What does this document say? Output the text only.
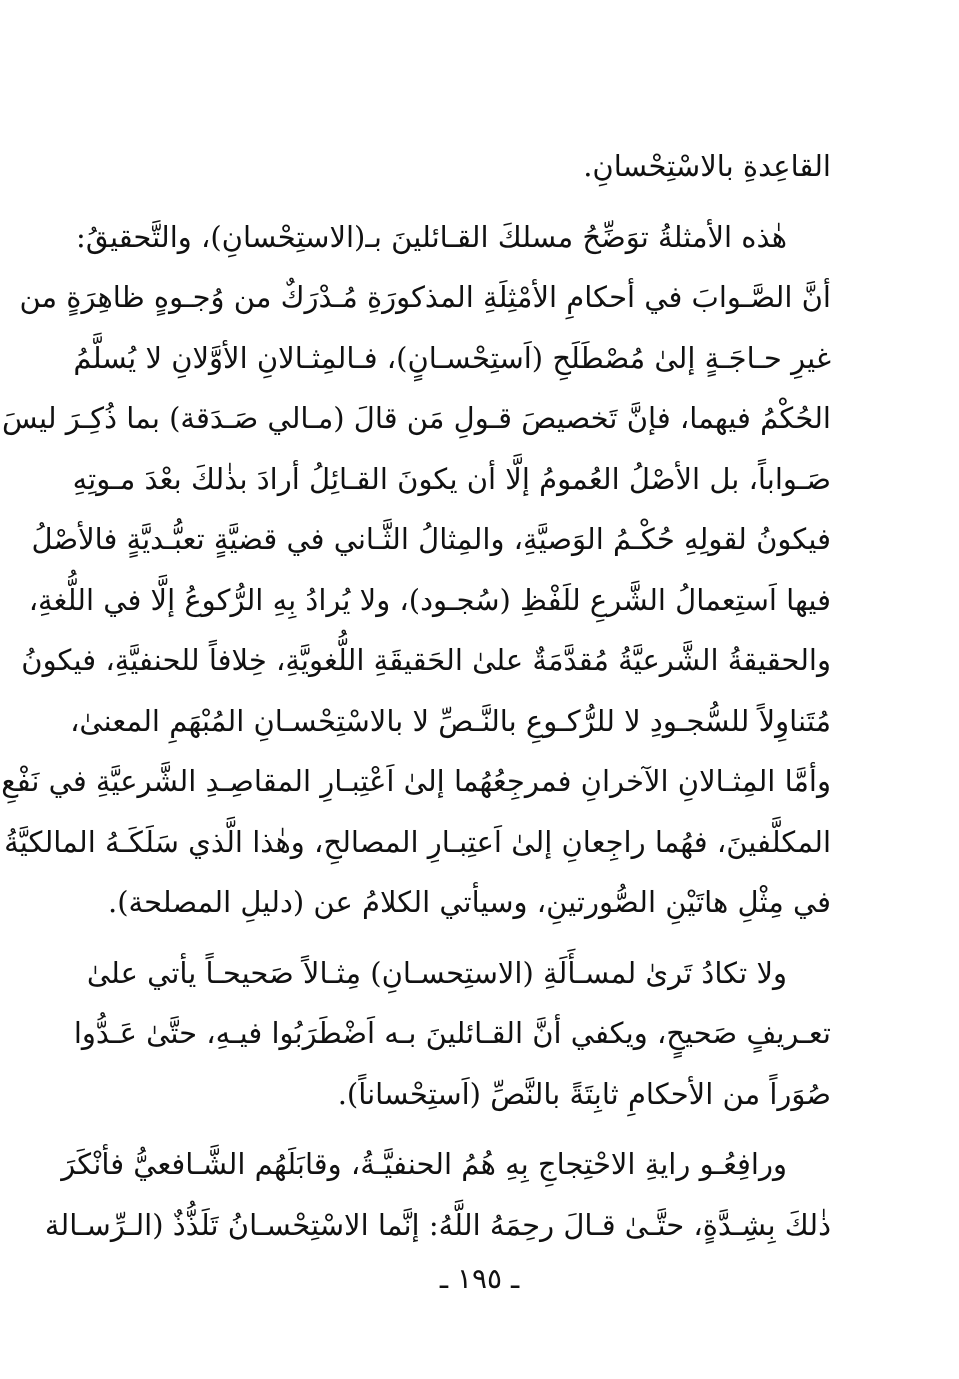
القاعِدةِ بالاسْتِحْسانِ.

هٰذه الأمثلةُ توَضِّحُ مسلكَ القـائلينَ بـ(الاستِحْسانِ)، والتَّحقيقُ:
أنَّ الصَّـوابَ في أحكامِ الأمْثِلَةِ المذكورَةِ مُـدْرَكٌ من وُجـوهٍ ظاهِرَةٍ من
غيرِ حـاجَـةٍ إلىٰ مُصْطَلَحِ (اَستِحْسـانٍ)، فـالمِثـالانِ الأوَّلانِ لا يُسلَّمُ
الحُكْمُ فيهما، فإنَّ تَخصيصَ قـولِ مَن قالَ (مـالي صَـدَقة) بما ذُكِـرَ ليسَ
صَـواباً، بل الأصْلُ العُمومُ إلَّا أن يكونَ القـائِلُ أرادَ بذٰلكَ بعْدَ مـوتِهِ
فيكونُ لقولِهِ حُكْـمُ الوَصيَّةِ، والمِثالُ الثَّـاني في قضيَّةٍ تعبُّـديَّةٍ فالأصْلُ
فيها اَستِعمالُ الشَّرعِ للَفْظِ (سُجـود)، ولا يُرادُ بِهِ الرُّكوعُ إلَّا في اللُّغةِ،
والحقيقةُ الشَّرعيَّةُ مُقدَّمَةٌ علىٰ الحَقيقَةِ اللُّغويَّةِ، خِلافاً للحنفيَّةِ، فيكونُ
مُتَناوِلاً للسُّجـودِ لا للرُّكـوعِ بالنَّـصِّ لا بالاسْتِحْسـانِ المُبْهَمِ المعنىٰ،
وأمَّا المِثـالانِ الآخرانِ فمرجِعُهُما إلىٰ اَعْتِبـارِ المقاصِـدِ الشَّرعيَّةِ في نَفْعِ
المكلَّفينَ، فهُما راجِعانِ إلىٰ اَعتِبـارِ المصالحِ، وهٰذا الَّذي سَلَكَـهُ المالكيَّةُ
في مِثْلِ هاتَيْنِ الصُّورتينِ، وسيأتي الكلامُ عن (دليلِ المصلحة).

ولا تكادُ تَرىٰ لمسـأَلَةِ (الاستِحسـانِ) مِثـالاً صَحيحـاً يأتي علىٰ
تعـريفٍ صَحيحٍ، ويكفي أنَّ القـائلينَ بـه اَضْطَرَبُوا فيـهِ، حتَّىٰ عَـدُّوا
صُوَراً من الأحكامِ ثابِتَةً بالنَّصِّ (اَستِحْساناً).

ورافِعُـو رايةِ الاحْتِجاجِ بِهِ هُمُ الحنفيَّـةُ، وقابَلَهُم الشَّـافعيُّ فأنْكَرَ
ذٰلكَ بِشِـدَّةٍ، حتَّـىٰ قـالَ رحِمَهُ اللَّهُ: إنَّما الاسْتِحْسـانُ تَلَذُّذٌ (الـرِّسـالة

ـ ١٩٥ ـ
